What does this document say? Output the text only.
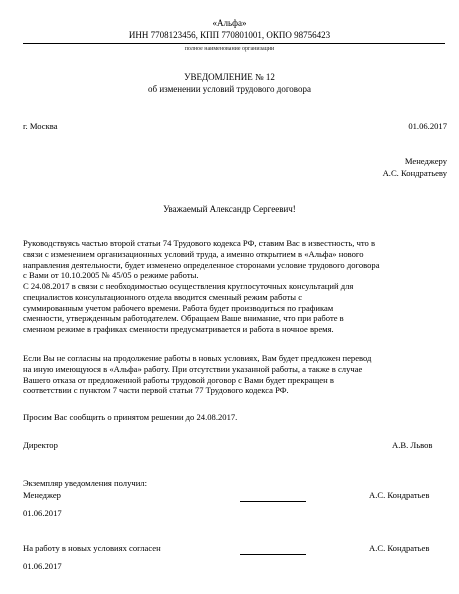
«Альфа»
ИНН 7708123456, КПП 770801001, ОКПО 98756423
полное наименование организации
УВЕДОМЛЕНИЕ № 12
об изменении условий трудового договора
г. Москва	01.06.2017
Менеджеру
А.С. Кондратьеву
Уважаемый Александр Сергеевич!
Руководствуясь частью второй статьи 74 Трудового кодекса РФ, ставим Вас в известность, что в
связи с изменением организационных условий труда, а именно открытием в «Альфа» нового
направления деятельности, будет изменено определенное сторонами условие трудового договора
с Вами от 10.10.2005 № 45/05 о режиме работы.
С 24.08.2017 в связи с необходимостью осуществления круглосуточных консультаций для
специалистов консультационного отдела вводится сменный режим работы с
суммированным учетом рабочего времени. Работа будет производиться по графикам
сменности, утвержденным работодателем. Обращаем Ваше внимание, что при работе в
сменном режиме в графиках сменности предусматривается и работа в ночное время.
Если Вы не согласны на продолжение работы в новых условиях, Вам будет предложен перевод
на иную имеющуюся в «Альфа» работу. При отсутствии указанной работы, а также в случае
Вашего отказа от предложенной работы трудовой договор с Вами будет прекращен в
соответствии с пунктом 7 части первой статьи 77 Трудового кодекса РФ.
Просим Вас сообщить о принятом решении до 24.08.2017.
Директор	А.В. Львов
Экземпляр уведомления получил:
Менеджер	А.С. Кондратьев
01.06.2017
На работу в новых условиях согласен	А.С. Кондратьев
01.06.2017
